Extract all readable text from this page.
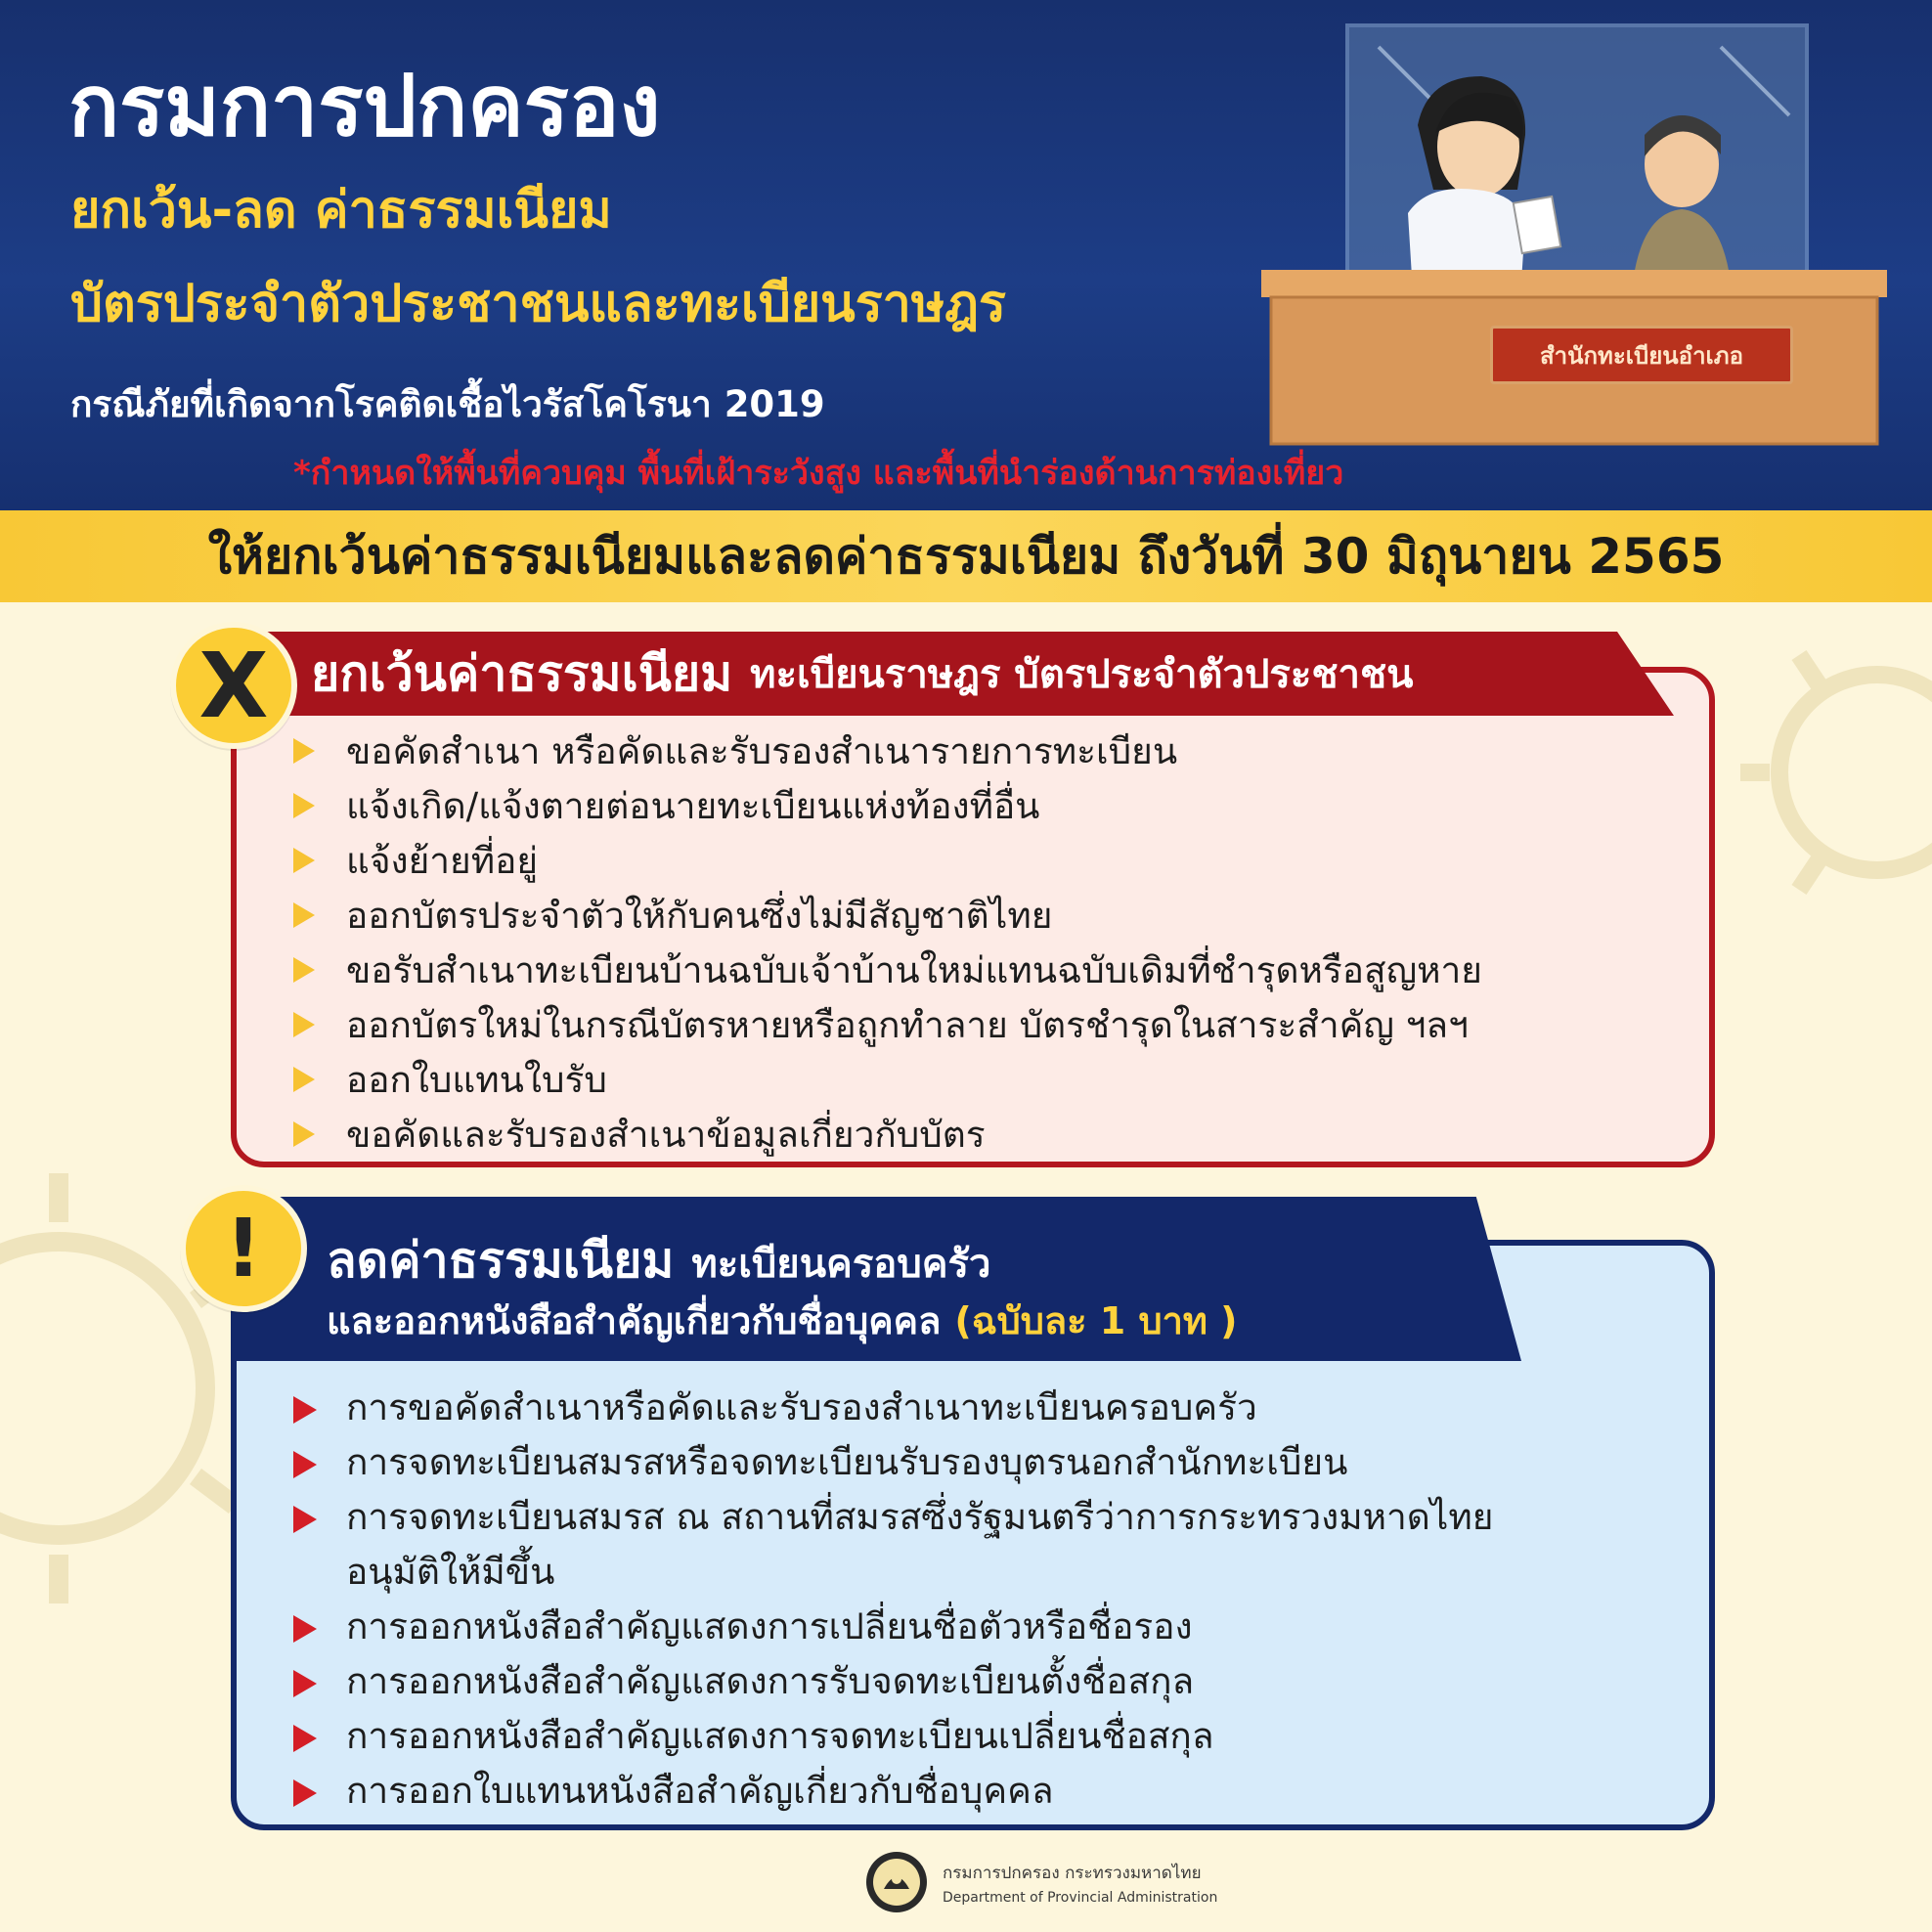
กรมการปกครอง

ยกเว้น-ลด ค่าธรรมเนียม

บัตรประจำตัวประชาชนและทะเบียนราษฎร

กรณีภัยที่เกิดจากโรคติดเชื้อไวรัสโคโรนา 2019

สำนักทะเบียนอำเภอ

*กำหนดให้พื้นที่ควบคุม พื้นที่เฝ้าระวังสูง และพื้นที่นำร่องด้านการท่องเที่ยว

ให้ยกเว้นค่าธรรมเนียมและลดค่าธรรมเนียม ถึงวันที่ 30 มิถุนายน 2565
ยกเว้นค่าธรรมเนียม ทะเบียนราษฎร บัตรประจำตัวประชาชน
X
ขอคัดสำเนา หรือคัดและรับรองสำเนารายการทะเบียน
แจ้งเกิด/แจ้งตายต่อนายทะเบียนแห่งท้องที่อื่น
แจ้งย้ายที่อยู่
ออกบัตรประจำตัวให้กับคนซึ่งไม่มีสัญชาติไทย
ขอรับสำเนาทะเบียนบ้านฉบับเจ้าบ้านใหม่แทนฉบับเดิมที่ชำรุดหรือสูญหาย
ออกบัตรใหม่ในกรณีบัตรหายหรือถูกทำลาย บัตรชำรุดในสาระสำคัญ ฯลฯ
ออกใบแทนใบรับ
ขอคัดและรับรองสำเนาข้อมูลเกี่ยวกับบัตร
ลดค่าธรรมเนียม ทะเบียนครอบครัว
และออกหนังสือสำคัญเกี่ยวกับชื่อบุคคล (ฉบับละ 1 บาท )
!
การขอคัดสำเนาหรือคัดและรับรองสำเนาทะเบียนครอบครัว
การจดทะเบียนสมรสหรือจดทะเบียนรับรองบุตรนอกสำนักทะเบียน
การจดทะเบียนสมรส ณ สถานที่สมรสซึ่งรัฐมนตรีว่าการกระทรวงมหาดไทย
อนุมัติให้มีขึ้น
การออกหนังสือสำคัญแสดงการเปลี่ยนชื่อตัวหรือชื่อรอง
การออกหนังสือสำคัญแสดงการรับจดทะเบียนตั้งชื่อสกุล
การออกหนังสือสำคัญแสดงการจดทะเบียนเปลี่ยนชื่อสกุล
การออกใบแทนหนังสือสำคัญเกี่ยวกับชื่อบุคคล
กรมการปกครอง กระทรวงมหาดไทย
Department of Provincial Administration
